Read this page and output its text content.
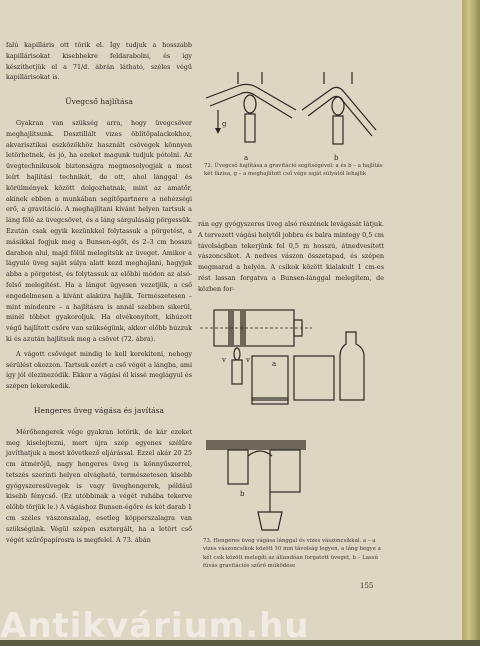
falú kapilláris ott törik el. Így tudjuk a hosszabb kapillárisokat kisebbekre feldarabolni, és így készíthetjük el a 71/d. ábrán látható, széles végű kapillárisokat is.

Üvegcső hajlítása

Gyakran van szükség arra, hogy üvegcsöver meghajlítsunk. Desztillált vizes öblítőpalackokhoz, akvarisztikai eszközökhöz használt csövegek könnyen letörhetnek, és jó, ha ezeket magunk tudjuk pótolni. Az üvegtechnikusok biztonságra megmosolyogják a most leírt hajlítási technikát, de ott, ahol lánggal és körülmények között dolgozhatnak, mint az amatőr, akinek ebben a munkában segítőpartnere a nehézségi erő, a gravitáció. A meghajlítani kívánt helyen tartsuk a láng fölé az üvegcsövet, és a láng sárgulásáig pörgessük. Ezután csak egyik kezünkkel folytassuk a pörgetést, a másikkal fogjuk meg a Bunsen-égőt, és 2–3 cm hosszú darabon alul, majd fölül melegítsük az üveget. Amikor a lágyuló üveg saját súlya alatt kezd meghajlani, hagyjuk abba a pörgetést, és folytassuk az előbbi módon az alsó-felső melegítést. Ha a lángot ügyesen vezetjük, a cső engedelmesen a kívánt alakúra hajlik. Természetesen – mint mindenre – a hajlításra is annál szebben sikerül, minél többet gyakoroljuk. Ha elvékonyított, kihúzott végű hajlított csőre van szükségünk, akkor előbb húzzuk ki és azután hajlítsuk meg a csövet (72. ábra).

A vágott csővéget mindig le kell kerekíteni, nehogy sérülést okozzon. Tartsuk ezért a cső végét a lángba, ami így jól élezinezódik. Ekkor a vágási él kissé meglágyul és szépen lekerekedik.

Hengeres üveg vágása és javítása

Mérőhengerek vége gyakran letörik, de kár ezeket meg kiselejtezni, mert újra szép egyenes szélűre javíthatjuk a most következő eljárással. Ezzel akár 20 25 cm átmérőjű, nagy hengeres üveg is könnyűszerrel, tetszés szerinti helyen elvágható, természetesen kisebb gyógyszeresüvegek is vagy üveghengerek, például kisebb fénycső. (Ez utóbbinak a végét ruhába tekerve előbb törjük le.) A vágáshoz Bunsen-égőre és két darab 1 cm széles vászonszalag, esetleg köpperszalagra van szükségünk. Végül szépen esztergált, ha a letört cső végét szűrőpapírosra is megfelel. A 73. ábán

g
a	b
72. Üvegcső hajlítása a gravitáció segítségével: a és b – a hajlítás két fázisa, g – a meghajlított cső vége saját súlyától lehajlik

rán egy gyógyszeres üveg alsó részének levágását látjuk. A tervezett vágási helytől jobbra és balra mintegy 0,5 cm távolságban tekerjünk fel 0,5 m hosszú, átnedvesített vászoncsíkot. A nedves vászon összetapad, és szépen megmarad a helyén. A csíkok között kialakult 1 cm-es rést lassan forgatva a Bunsen-lánggal melegítem, de közben for-

v	v	a
b
73. Hengeres üveg vágása lánggal és vizes vászoncsíkkal. a – a vizes vászoncsíkok között 10 mm távolság legyen, a láng hegye a két csík között melegíti az állandóan forgatott üveget, b – Lassú fúvás gravitációs szűrő működése
155
Antikvárium.hu
